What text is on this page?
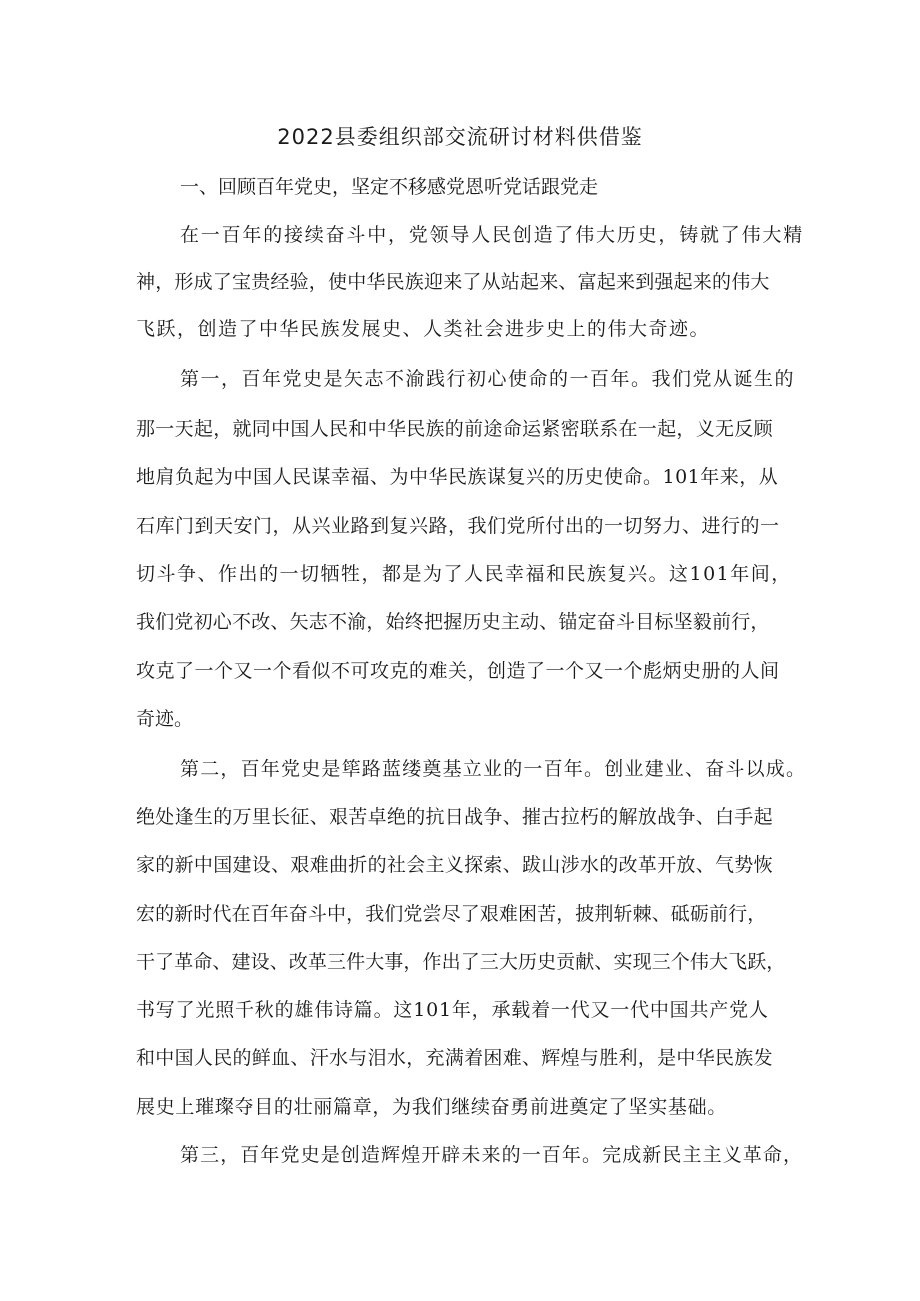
2022县委组织部交流研讨材料供借鉴
一、回顾百年党史，坚定不移感党恩听党话跟党走
在一百年的接续奋斗中，党领导人民创造了伟大历史，铸就了伟大精
神，形成了宝贵经验，使中华民族迎来了从站起来、富起来到强起来的伟大
飞跃，创造了中华民族发展史、人类社会进步史上的伟大奇迹。
第一，百年党史是矢志不渝践行初心使命的一百年。我们党从诞生的
那一天起，就同中国人民和中华民族的前途命运紧密联系在一起，义无反顾
地肩负起为中国人民谋幸福、为中华民族谋复兴的历史使命。101年来，从
石库门到天安门，从兴业路到复兴路，我们党所付出的一切努力、进行的一
切斗争、作出的一切牺牲，都是为了人民幸福和民族复兴。这101年间，
我们党初心不改、矢志不渝，始终把握历史主动、锚定奋斗目标坚毅前行，
攻克了一个又一个看似不可攻克的难关，创造了一个又一个彪炳史册的人间
奇迹。
第二，百年党史是筚路蓝缕奠基立业的一百年。创业建业、奋斗以成。
绝处逢生的万里长征、艰苦卓绝的抗日战争、摧古拉朽的解放战争、白手起
家的新中国建设、艰难曲折的社会主义探索、跋山涉水的改革开放、气势恢
宏的新时代在百年奋斗中，我们党尝尽了艰难困苦，披荆斩棘、砥砺前行，
干了革命、建设、改革三件大事，作出了三大历史贡献、实现三个伟大飞跃，
书写了光照千秋的雄伟诗篇。这101年，承载着一代又一代中国共产党人
和中国人民的鲜血、汗水与泪水，充满着困难、辉煌与胜利，是中华民族发
展史上璀璨夺目的壮丽篇章，为我们继续奋勇前进奠定了坚实基础。
第三，百年党史是创造辉煌开辟未来的一百年。完成新民主主义革命，
